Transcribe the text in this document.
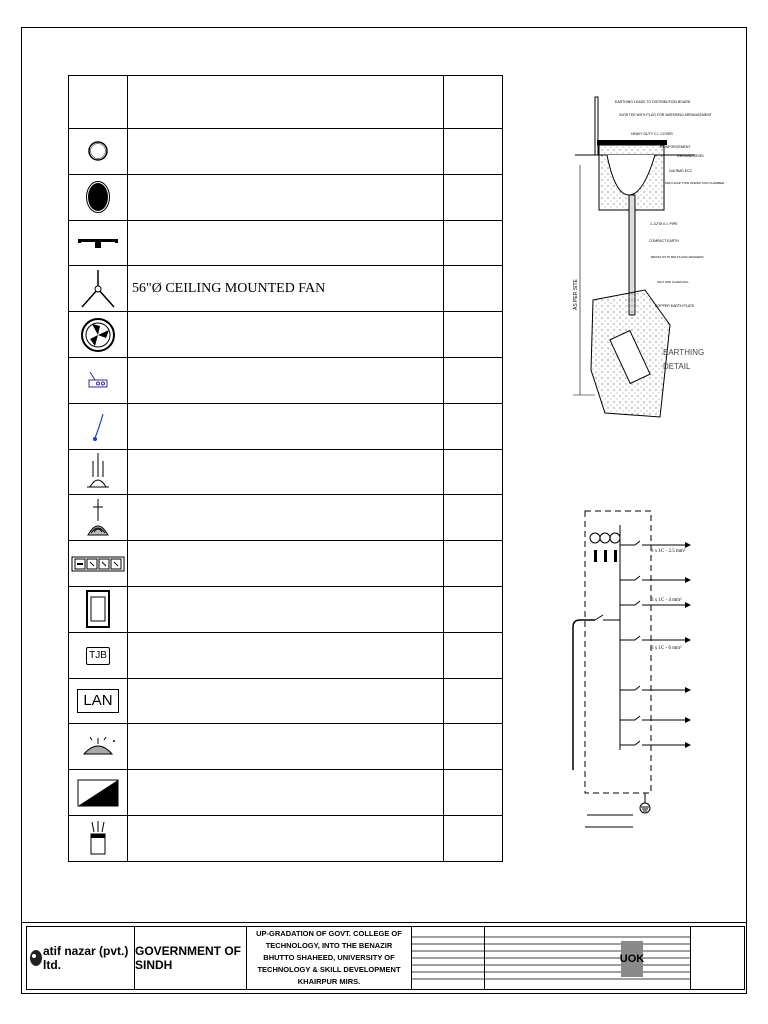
	56"Ø CEILING MOUNTED FAN	

TJB		
LAN		

AS PER SITE
EARTHING LEADS TO DISTRIBUTION BOARD
3/4"Ø TEE WITH PLUG FOR WATERING ARRANGEMENT
HEAVY DUTY C.I. COVER
REINFORCEMENT
GROUND LEVEL
2x6 RMG ECC
MAN HOLE TYPE INSPECTION CHAMBER
1-1/2"Ø G.I. PIPE
COMPACT EARTH
BRASS NUTS BOLTS AND WASHERS
SALT AND CHARCOAL
COPPER EARTH PLATE
EARTHING
DETAIL
3 x 1C - 2.5 mm²
3 x 1C - 4 mm²
3 x 1C - 6 mm²
atif nazar (pvt.) ltd.
GOVERNMENT OF SINDH
UP-GRADATION OF GOVT. COLLEGE OF TECHNOLOGY, INTO THE BENAZIR BHUTTO SHAHEED, UNIVERSITY OF TECHNOLOGY & SKILL DEVELOPMENT KHAIRPUR MIRS.
UOK
